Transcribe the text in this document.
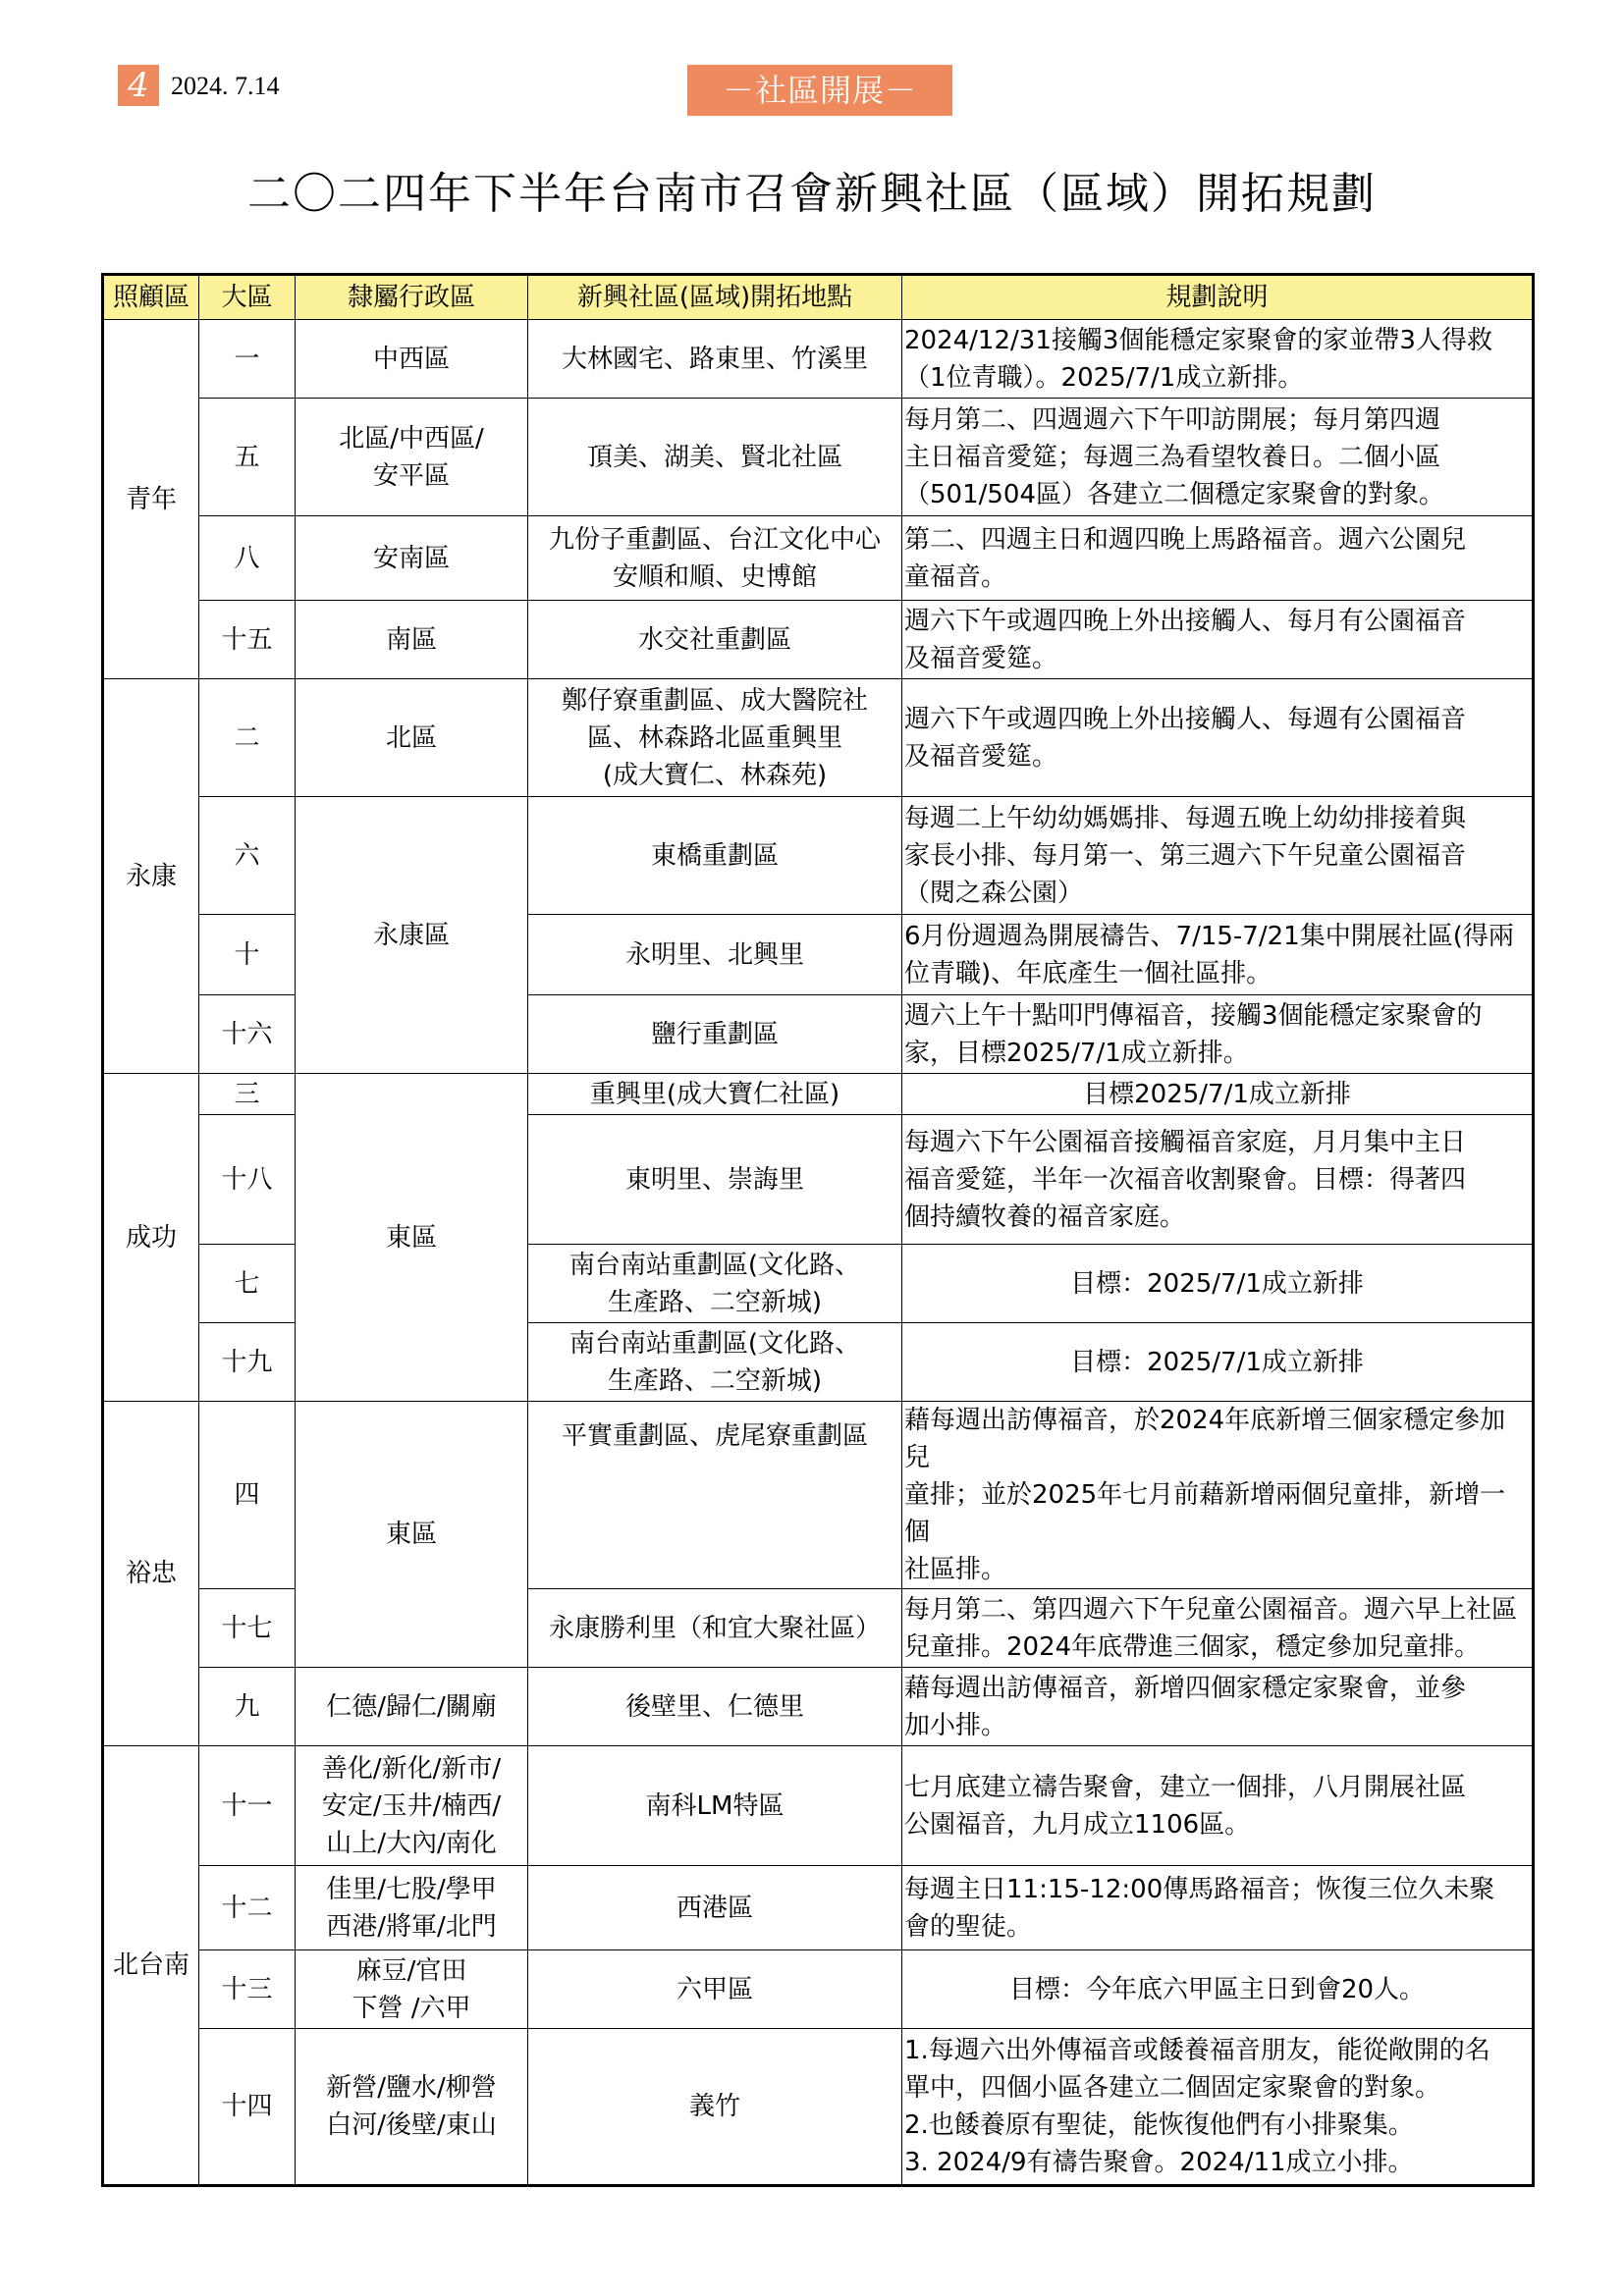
4 2024. 7.14	－社區開展－
二〇二四年下半年台南市召會新興社區（區域）開拓規劃
照顧區	大區	隸屬行政區	新興社區(區域)開拓地點	規劃說明
青年	一	中西區	大林國宅、路東里、竹溪里	2024/12/31接觸3個能穩定家聚會的家並帶3人得救
（1位青職）。2025/7/1成立新排。

	五	北區/中西區/
安平區	頂美、湖美、賢北社區	每月第二、四週週六下午叩訪開展；每月第四週
主日福音愛筵；每週三為看望牧養日。二個小區
（501/504區）各建立二個穩定家聚會的對象。

	八	安南區	九份子重劃區、台江文化中心
安順和順、史博館	第二、四週主日和週四晚上馬路福音。週六公園兒
童福音。

	十五	南區	水交社重劃區	週六下午或週四晚上外出接觸人、每月有公園福音
及福音愛筵。

永康	二	北區	鄭仔寮重劃區、成大醫院社
區、林森路北區重興里
(成大寶仁、林森苑)	週六下午或週四晚上外出接觸人、每週有公園福音
及福音愛筵。

	六	永康區	東橋重劃區	每週二上午幼幼媽媽排、每週五晚上幼幼排接着與
家長小排、每月第一、第三週六下午兒童公園福音
（閱之森公園）

	十		永明里、北興里	6月份週週為開展禱告、7/15-7/21集中開展社區(得兩
位青職)、年底產生一個社區排。

	十六		鹽行重劃區	週六上午十點叩門傳福音，接觸3個能穩定家聚會的
家，目標2025/7/1成立新排。

成功	三	東區	重興里(成大寶仁社區)	目標2025/7/1成立新排

	十八		東明里、崇誨里	每週六下午公園福音接觸福音家庭，月月集中主日
福音愛筵，半年一次福音收割聚會。目標：得著四
個持續牧養的福音家庭。

	七		南台南站重劃區(文化路、
生產路、二空新城)	目標：2025/7/1成立新排

	十九		南台南站重劃區(文化路、
生產路、二空新城)	目標：2025/7/1成立新排

裕忠	四	東區	平實重劃區、虎尾寮重劃區	藉每週出訪傳福音，於2024年底新增三個家穩定參加兒
童排；並於2025年七月前藉新增兩個兒童排，新增一個
社區排。

	十七		永康勝利里（和宜大聚社區）	每月第二、第四週六下午兒童公園福音。週六早上社區
兒童排。2024年底帶進三個家，穩定參加兒童排。

	九	仁德/歸仁/關廟	後壁里、仁德里	藉每週出訪傳福音，新增四個家穩定家聚會，並參
加小排。

北台南	十一	善化/新化/新市/
安定/玉井/楠西/
山上/大內/南化	南科LM特區	七月底建立禱告聚會，建立一個排，八月開展社區
公園福音，九月成立1106區。

	十二	佳里/七股/學甲
西港/將軍/北門	西港區	每週主日11:15-12:00傳馬路福音；恢復三位久未聚
會的聖徒。

	十三	麻豆/官田
下營 /六甲	六甲區	目標：今年底六甲區主日到會20人。

	十四	新營/鹽水/柳營
白河/後壁/東山	義竹	1.每週六出外傳福音或餧養福音朋友，能從敞開的名
單中，四個小區各建立二個固定家聚會的對象。
2.也餧養原有聖徒，能恢復他們有小排聚集。
3. 2024/9有禱告聚會。2024/11成立小排。
